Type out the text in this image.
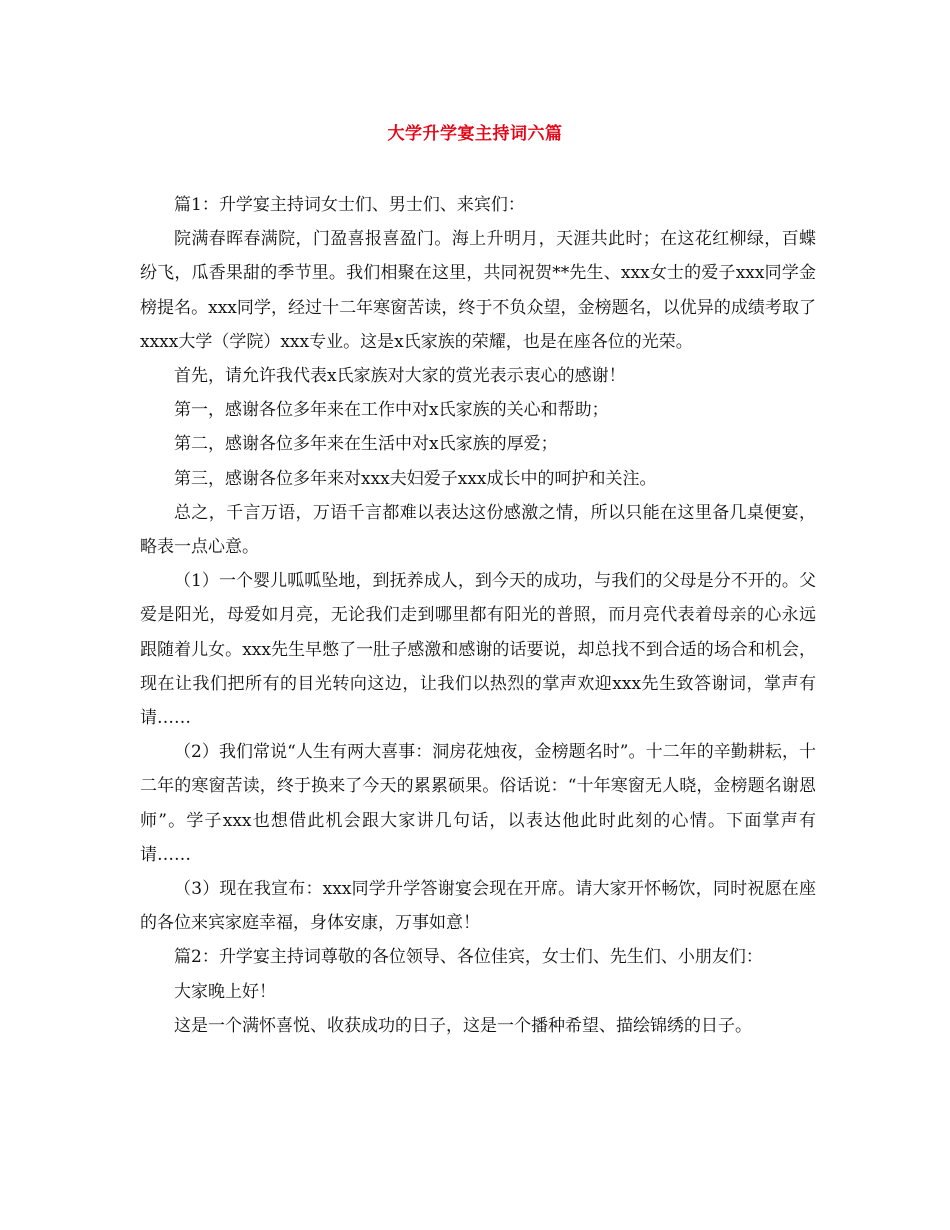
大学升学宴主持词六篇

篇1：升学宴主持词女士们、男士们、来宾们：

院满春晖春满院，门盈喜报喜盈门。海上升明月，天涯共此时；在这花红柳绿，百蝶纷飞，瓜香果甜的季节里。我们相聚在这里，共同祝贺**先生、xxx女士的爱子xxx同学金榜提名。xxx同学，经过十二年寒窗苦读，终于不负众望，金榜题名，以优异的成绩考取了xxxx大学（学院）xxx专业。这是x氏家族的荣耀，也是在座各位的光荣。

首先，请允许我代表x氏家族对大家的赏光表示衷心的感谢！

第一，感谢各位多年来在工作中对x氏家族的关心和帮助；

第二，感谢各位多年来在生活中对x氏家族的厚爱；

第三，感谢各位多年来对xxx夫妇爱子xxx成长中的呵护和关注。

总之，千言万语，万语千言都难以表达这份感激之情，所以只能在这里备几桌便宴，略表一点心意。

（1）一个婴儿呱呱坠地，到抚养成人，到今天的成功，与我们的父母是分不开的。父爱是阳光，母爱如月亮，无论我们走到哪里都有阳光的普照，而月亮代表着母亲的心永远跟随着儿女。xxx先生早憋了一肚子感激和感谢的话要说，却总找不到合适的场合和机会，现在让我们把所有的目光转向这边，让我们以热烈的掌声欢迎xxx先生致答谢词，掌声有请……

（2）我们常说“人生有两大喜事：洞房花烛夜，金榜题名时”。十二年的辛勤耕耘，十二年的寒窗苦读，终于换来了今天的累累硕果。俗话说：“十年寒窗无人晓，金榜题名谢恩师”。学子xxx也想借此机会跟大家讲几句话，以表达他此时此刻的心情。下面掌声有请……

（3）现在我宣布：xxx同学升学答谢宴会现在开席。请大家开怀畅饮，同时祝愿在座的各位来宾家庭幸福，身体安康，万事如意！

篇2：升学宴主持词尊敬的各位领导、各位佳宾，女士们、先生们、小朋友们：

大家晚上好！

这是一个满怀喜悦、收获成功的日子，这是一个播种希望、描绘锦绣的日子。
